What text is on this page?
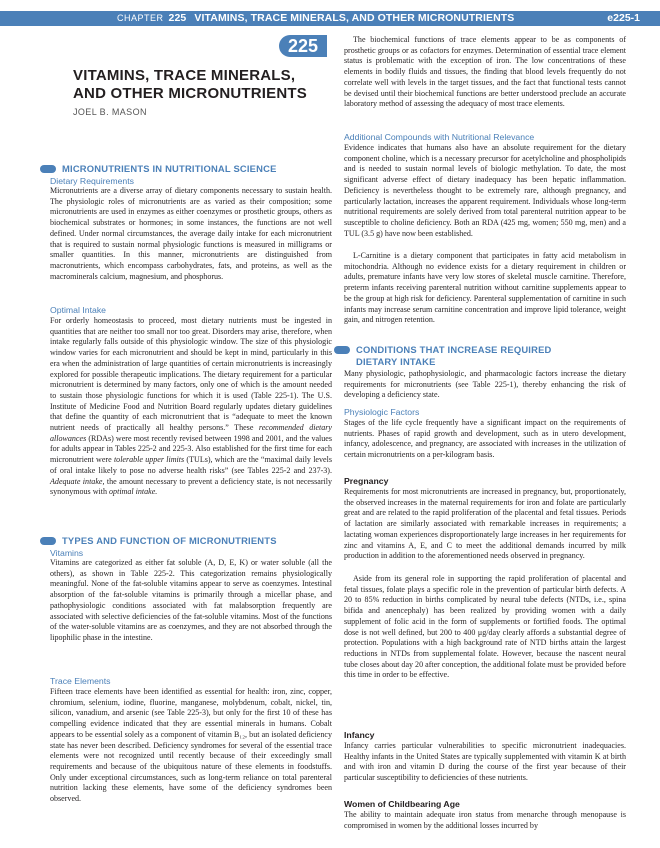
CHAPTER 225 VITAMINS, TRACE MINERALS, AND OTHER MICRONUTRIENTS	e225-1
225
VITAMINS, TRACE MINERALS, AND OTHER MICRONUTRIENTS
JOEL B. MASON
MICRONUTRIENTS IN NUTRITIONAL SCIENCE
Dietary Requirements

Micronutrients are a diverse array of dietary components necessary to sustain health. The physiologic roles of micronutrients are as varied as their composition; some micronutrients are used in enzymes as either coenzymes or prosthetic groups, others as biochemical substrates or hormones; in some instances, the functions are not well defined. Under normal circumstances, the average daily intake for each micronutrient that is required to sustain normal physiologic functions is measured in milligrams or smaller quantities. In this manner, micronutrients are distinguished from macronutrients, which encompass carbohydrates, fats, and proteins, as well as the macrominerals calcium, magnesium, and phosphorus.

Optimal Intake

For orderly homeostasis to proceed, most dietary nutrients must be ingested in quantities that are neither too small nor too great. Disorders may arise, therefore, when intake regularly falls outside of this physiologic window. The size of this physiologic window varies for each micronutrient and should be kept in mind, particularly in this era when the administration of large quantities of certain micronutrients is increasingly explored for possible therapeutic implications. The dietary requirement for a particular micronutrient is determined by many factors, only one of which is the amount needed to sustain those physiologic functions for which it is used (Table 225-1). The U.S. Institute of Medicine Food and Nutrition Board regularly updates dietary guidelines that define the quantity of each micronutrient that is “adequate to meet the known nutrient needs of practically all healthy persons.” These recommended dietary allowances (RDAs) were most recently revised between 1998 and 2001, and the values for adults appear in Tables 225-2 and 225-3. Also established for the first time for each micronutrient were tolerable upper limits (TULs), which are the “maximal daily levels of oral intake likely to pose no adverse health risks” (see Tables 225-2 and 237-3). Adequate intake, the amount necessary to prevent a deficiency state, is not necessarily synonymous with optimal intake.

TYPES AND FUNCTION OF MICRONUTRIENTS
Vitamins

Vitamins are categorized as either fat soluble (A, D, E, K) or water soluble (all the others), as shown in Table 225-2. This categorization remains physiologically meaningful. None of the fat-soluble vitamins appear to serve as coenzymes. Intestinal absorption of the fat-soluble vitamins is primarily through a micellar phase, and pathophysiologic conditions associated with fat malabsorption frequently are associated with selective deficiencies of the fat-soluble vitamins. Most of the functions of the water-soluble vitamins are as coenzymes, and they are not absorbed through the lipophilic phase in the intestine.

Trace Elements

Fifteen trace elements have been identified as essential for health: iron, zinc, copper, chromium, selenium, iodine, fluorine, manganese, molybdenum, cobalt, nickel, tin, silicon, vanadium, and arsenic (see Table 225-3), but only for the first 10 of these has compelling evidence indicated that they are essential minerals in humans. Cobalt appears to be essential solely as a component of vitamin B₁₂, but an isolated deficiency state has never been described. Deficiency syndromes for several of the essential trace elements were not recognized until recently because of their exceedingly small requirements and because of the ubiquitous nature of these elements in foodstuffs. Only under exceptional circumstances, such as long-term reliance on total parenteral nutrition lacking these elements, have some of the deficiency syndromes been observed.

The biochemical functions of trace elements appear to be as components of prosthetic groups or as cofactors for enzymes. Determination of essential trace element status is problematic with the exception of iron. The low concentrations of these elements in bodily fluids and tissues, the finding that blood levels frequently do not correlate well with levels in the target tissues, and the fact that functional tests cannot be devised until their biochemical functions are better understood preclude an accurate laboratory method of assessing the adequacy of most trace elements.

Additional Compounds with Nutritional Relevance

Evidence indicates that humans also have an absolute requirement for the dietary component choline, which is a necessary precursor for acetylcholine and phospholipids and is needed to sustain normal levels of biologic methylation. To date, the most significant adverse effect of dietary inadequacy has been hepatic inflammation. Deficiency is nevertheless thought to be extremely rare, although pregnancy, and particularly lactation, increases the apparent requirement. Individuals whose long-term nutritional requirements are solely derived from total parenteral nutrition appear to be susceptible to choline deficiency. Both an RDA (425 mg, women; 550 mg, men) and a TUL (3.5 g) have now been established.

L-Carnitine is a dietary component that participates in fatty acid metabolism in mitochondria. Although no evidence exists for a dietary requirement in children or adults, premature infants have very low stores of skeletal muscle carnitine. Therefore, preterm infants receiving parenteral nutrition without carnitine supplements appear to be the group at high risk for deficiency. Parenteral supplementation of carnitine in such infants may increase serum carnitine concentration and improve lipid tolerance, weight gain, and nitrogen retention.

CONDITIONS THAT INCREASE REQUIRED
DIETARY INTAKE

Many physiologic, pathophysiologic, and pharmacologic factors increase the dietary requirements for micronutrients (see Table 225-1), thereby enhancing the risk of developing a deficiency state.

Physiologic Factors

Stages of the life cycle frequently have a significant impact on the requirements of nutrients. Phases of rapid growth and development, such as in utero development, infancy, adolescence, and pregnancy, are associated with increases in the utilization of certain micronutrients on a per-kilogram basis.

Pregnancy

Requirements for most micronutrients are increased in pregnancy, but, proportionately, the observed increases in the maternal requirements for iron and folate are particularly great and are related to the rapid proliferation of the placental and fetal tissues. Periods of lactation are similarly associated with remarkable increases in requirements; a lactating woman experiences disproportionately large increases in her requirements for zinc and vitamins A, E, and C to meet the additional demands incurred by milk production in addition to the aforementioned needs observed in pregnancy.

Aside from its general role in supporting the rapid proliferation of placental and fetal tissues, folate plays a specific role in the prevention of particular birth defects. A 20 to 85% reduction in births complicated by neural tube defects (NTDs, i.e., spina bifida and anencephaly) has been realized by providing women with a daily supplement of folic acid in the form of supplements or fortified foods. The optimal dose is not well defined, but 200 to 400 μg/day clearly affords a substantial degree of protection. Populations with a high background rate of NTD births attain the largest reductions in NTDs from supplemental folate. However, because the nascent neural tube closes about day 20 after conception, the additional folate must be provided before this time in order to be effective.

Infancy

Infancy carries particular vulnerabilities to specific micronutrient inadequacies. Healthy infants in the United States are typically supplemented with vitamin K at birth and with iron and vitamin D during the course of the first year because of their particular susceptibility to deficiencies of these nutrients.

Women of Childbearing Age

The ability to maintain adequate iron status from menarche through menopause is compromised in women by the additional losses incurred by
